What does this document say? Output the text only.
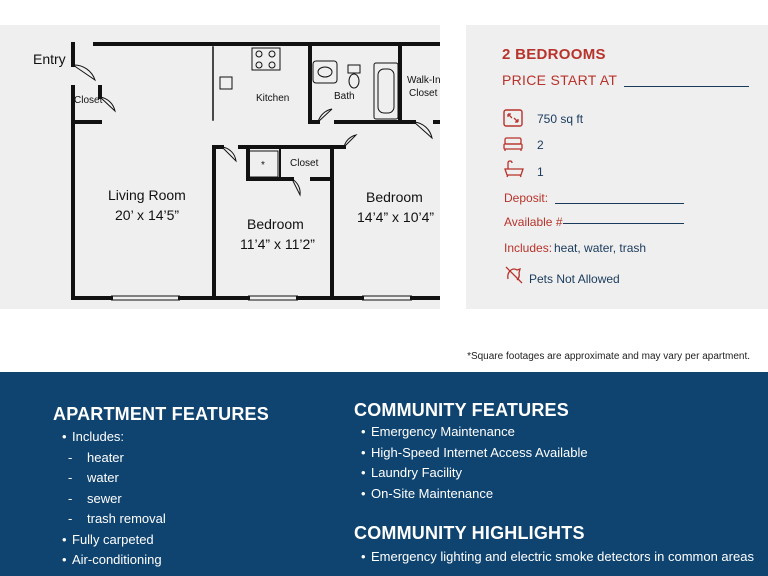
*
Entry
Closet	Kitchen	Bath
Walk-In
Closet
Closet
Living Room
20’ x 14’5”
Bedroom
11’4” x 11’2”
Bedroom
14’4” x 10’4”
2 BEDROOMS
PRICE START AT
750 sq ft
2
1
Deposit:
Available #
Includes: heat, water, trash
Pets Not Allowed
*Square footages are approximate and may vary per apartment.
APARTMENT FEATURES
• Includes:
- heater
- water
- sewer
- trash removal
• Fully carpeted
• Air-conditioning
COMMUNITY FEATURES
• Emergency Maintenance
• High-Speed Internet Access Available
• Laundry Facility
• On-Site Maintenance
COMMUNITY HIGHLIGHTS
• Emergency lighting and electric smoke detectors in common areas
